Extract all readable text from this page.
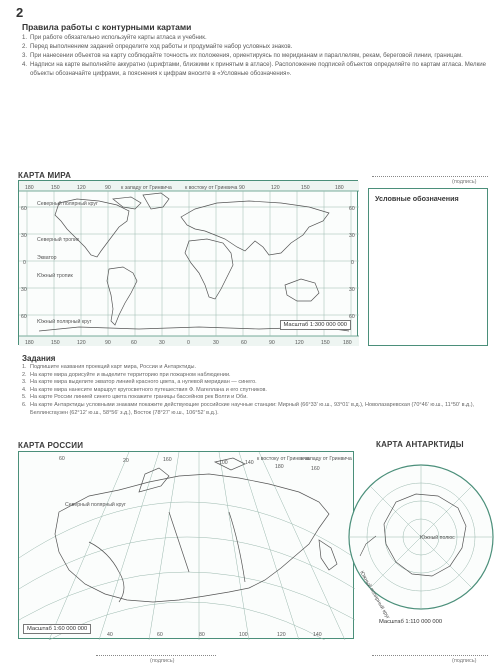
2
Правила работы с контурными картами
1. При работе обязательно используйте карты атласа и учебник.
2. Перед выполнением заданий определите ход работы и продумайте набор условных знаков.
3. При нанесении объектов на карту соблюдайте точность их положения, ориентируясь по меридианам и параллелям, рекам, береговой линии, границам.
4. Надписи на карте выполняйте аккуратно (шрифтами, близкими к принятым в атласе). Расположение подписей объектов определяйте по картам атласа. Мелкие объекты обозначайте цифрами, а пояснения к цифрам вносите в «Условные обозначения».
КАРТА МИРА
180	150	120	90 к западу от Гринвича	к востоку от Гринвича 90	120	150	180
180	150	120	90	60	30	0	30	60	90	120	150	180
60
30
0
30
60
60
30
0
30
60
Северный полярный круг
Северный тропик
Экватор
Южный тропик
Южный полярный круг	Масштаб 1:300 000 000
(подпись)
Условные обозначения
Задания
1. Подпишите названия проекций карт мира, России и Антарктиды.
2. На карте мира дорисуйте и выделите территорию при пожарном наблюдении.
3. На карте мира выделите экватор линией красного цвета, а нулевой меридиан — синего.
4. На карте мира нанесите маршрут кругосветного путешествия Ф. Магеллана и его спутников.
5. На карте России линией синего цвета покажите границы бассейнов рек Волги и Оби.
6. На карте Антарктиды условными знаками покажите действующие российские научные станции: Мирный (66°33' ю.ш., 93°01' в.д.), Новолазаревская (70°46' ю.ш., 11°50' в.д.), Беллинсгаузен (62°12' ю.ш., 58°56' з.д.), Восток (78°27' ю.ш., 106°52' в.д.).
КАРТА РОССИИ
60	20	160	100	140
к востоку от Гринвича
к западу от Гринвича
180	160
Северный полярный круг
40	60	80	100	120	140
Масштаб 1:60 000 000
КАРТА АНТАРКТИДЫ
Южный полюс
Южный полярный круг
Масштаб 1:110 000 000
(подпись)	(подпись)
